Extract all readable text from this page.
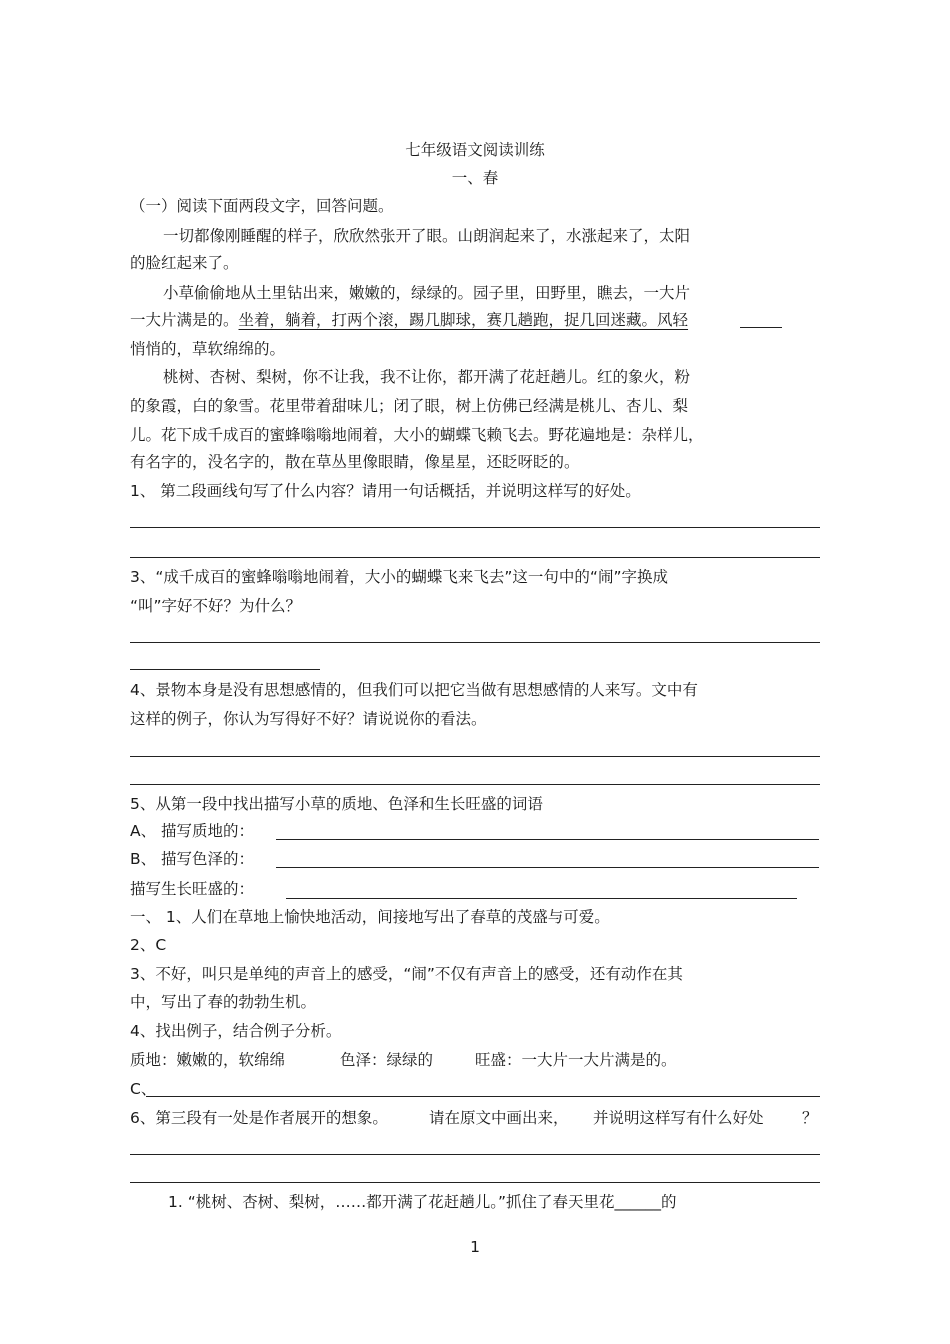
七年级语文阅读训练
一、春
（一）阅读下面两段文字，回答问题。
一切都像刚睡醒的样子，欣欣然张开了眼。山朗润起来了，水涨起来了，太阳
的脸红起来了。
小草偷偷地从土里钻出来，嫩嫩的，绿绿的。园子里，田野里，瞧去，一大片
一大片满是的。坐着，躺着，打两个滚，踢几脚球，赛几趟跑，捉几回迷藏。风轻
悄悄的，草软绵绵的。
桃树、杏树、梨树，你不让我，我不让你，都开满了花赶趟儿。红的象火，粉
的象霞，白的象雪。花里带着甜味儿；闭了眼，树上仿佛已经满是桃儿、杏儿、梨
儿。花下成千成百的蜜蜂嗡嗡地闹着，大小的蝴蝶飞赖飞去。野花遍地是：杂样儿，
有名字的，没名字的，散在草丛里像眼睛，像星星，还眨呀眨的。
1、 第二段画线句写了什么内容？请用一句话概括，并说明这样写的好处。
3、“成千成百的蜜蜂嗡嗡地闹着，大小的蝴蝶飞来飞去”这一句中的“闹”字换成
“叫”字好不好？为什么？
4、景物本身是没有思想感情的，但我们可以把它当做有思想感情的人来写。文中有
这样的例子，你认为写得好不好？请说说你的看法。
5、从第一段中找出描写小草的质地、色泽和生长旺盛的词语
A、 描写质地的：
B、 描写色泽的：
描写生长旺盛的：
一、 1、人们在草地上愉快地活动，间接地写出了春草的茂盛与可爱。
2、C
3、不好，叫只是单纯的声音上的感受，“闹”不仅有声音上的感受，还有动作在其
中，写出了春的勃勃生机。
4、找出例子，结合例子分析。
质地：嫩嫩的，软绵绵	色泽：绿绿的	旺盛：一大片一大片满是的。
C、
6、第三段有一处是作者展开的想象。	请在原文中画出来， 并说明这样写有什么好处 ？
1. “桃树、杏树、梨树，……都开满了花赶趟儿。”抓住了春天里花______的
1
